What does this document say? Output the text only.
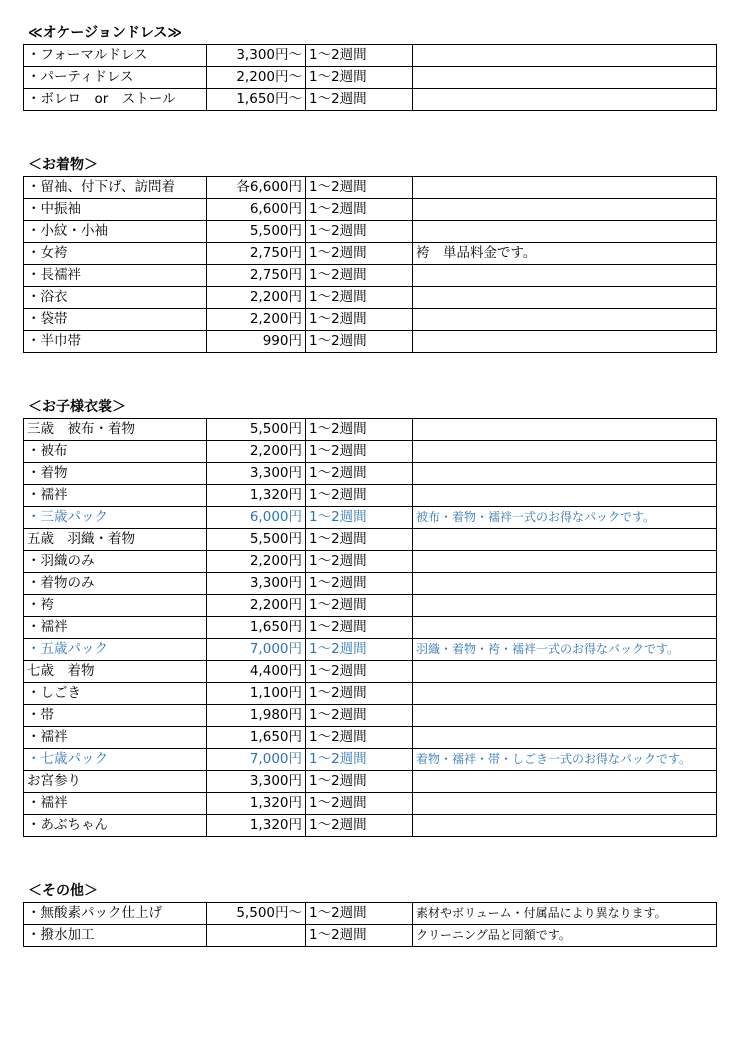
≪オケージョンドレス≫
・フォーマルドレス	3,300円～	1～2週間	
・パーティドレス	2,200円～	1～2週間	
・ボレロ　or　ストール	1,650円～	1～2週間	
＜お着物＞
・留袖、付下げ、訪問着	各6,600円	1～2週間	
・中振袖	6,600円	1～2週間	
・小紋・小袖	5,500円	1～2週間	
・女袴	2,750円	1～2週間	袴　単品料金です。
・長襦袢	2,750円	1～2週間	
・浴衣	2,200円	1～2週間	
・袋帯	2,200円	1～2週間	
・半巾帯	990円	1～2週間	
＜お子様衣裳＞
三歳　被布・着物	5,500円	1～2週間	
・被布	2,200円	1～2週間	
・着物	3,300円	1～2週間	
・襦袢	1,320円	1～2週間	
・三歳パック	6,000円	1～2週間	被布・着物・襦袢一式のお得なパックです。
五歳　羽織・着物	5,500円	1～2週間	
・羽織のみ	2,200円	1～2週間	
・着物のみ	3,300円	1～2週間	
・袴	2,200円	1～2週間	
・襦袢	1,650円	1～2週間	
・五歳パック	7,000円	1～2週間	羽織・着物・袴・襦袢一式のお得なパックです。
七歳　着物	4,400円	1～2週間	
・しごき	1,100円	1～2週間	
・帯	1,980円	1～2週間	
・襦袢	1,650円	1～2週間	
・七歳パック	7,000円	1～2週間	着物・襦袢・帯・しごき一式のお得なパックです。
お宮参り	3,300円	1～2週間	
・襦袢	1,320円	1～2週間	
・あぶちゃん	1,320円	1～2週間	
＜その他＞
・無酸素パック仕上げ	5,500円～	1～2週間	素材やボリューム・付属品により異なります。
・撥水加工		1～2週間	クリーニング品と同額です。
